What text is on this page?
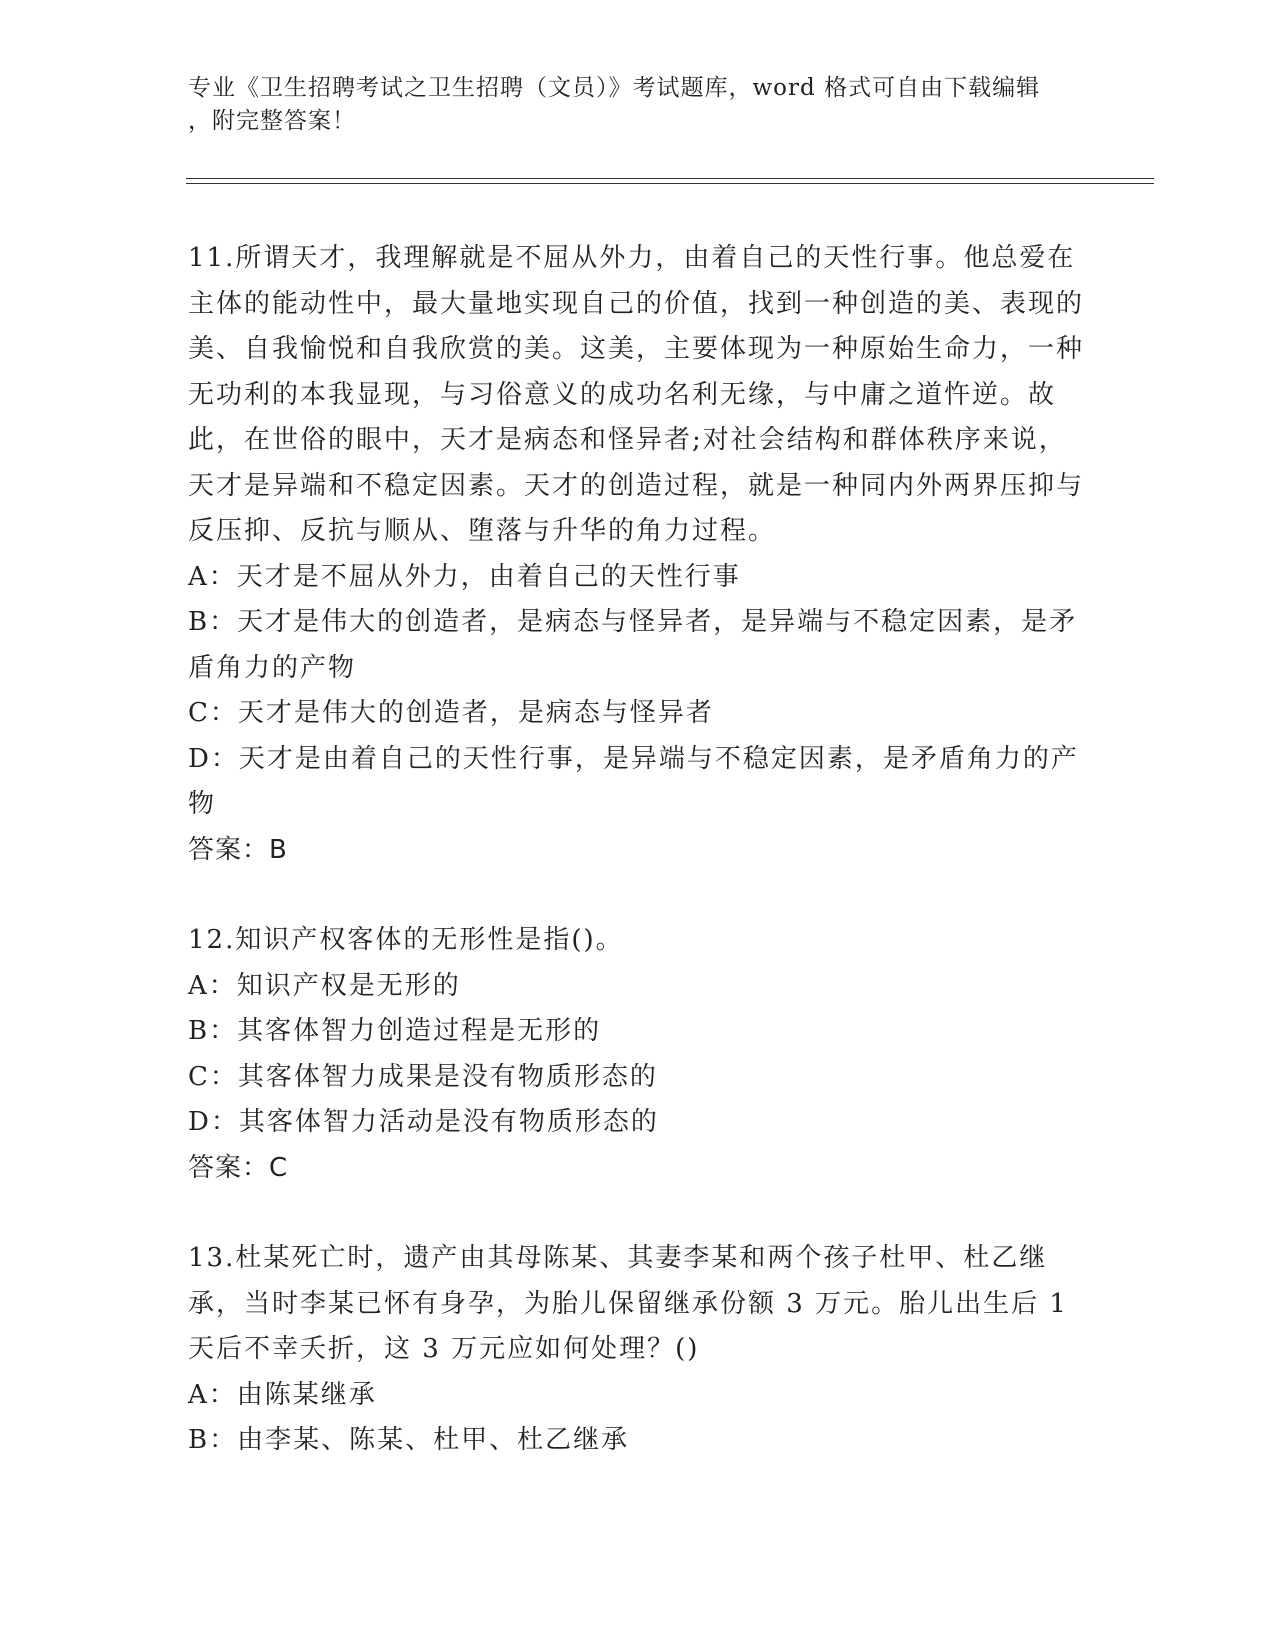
专业《卫生招聘考试之卫生招聘（文员）》考试题库，word 格式可自由下载编辑

，附完整答案！

11.所谓天才，我理解就是不屈从外力，由着自己的天性行事。他总爱在主体的能动性中，最大量地实现自己的价值，找到一种创造的美、表现的美、自我愉悦和自我欣赏的美。这美，主要体现为一种原始生命力，一种无功利的本我显现，与习俗意义的成功名利无缘，与中庸之道忤逆。故此，在世俗的眼中，天才是病态和怪异者;对社会结构和群体秩序来说，天才是异端和不稳定因素。天才的创造过程，就是一种同内外两界压抑与反压抑、反抗与顺从、堕落与升华的角力过程。

A：天才是不屈从外力，由着自己的天性行事

B：天才是伟大的创造者，是病态与怪异者，是异端与不稳定因素，是矛盾角力的产物

C：天才是伟大的创造者，是病态与怪异者

D：天才是由着自己的天性行事，是异端与不稳定因素，是矛盾角力的产物

答案：B

12.知识产权客体的无形性是指()。

A：知识产权是无形的

B：其客体智力创造过程是无形的

C：其客体智力成果是没有物质形态的

D：其客体智力活动是没有物质形态的

答案：C

13.杜某死亡时，遗产由其母陈某、其妻李某和两个孩子杜甲、杜乙继承，当时李某已怀有身孕，为胎儿保留继承份额 3 万元。胎儿出生后 1 天后不幸夭折，这 3 万元应如何处理？()

A：由陈某继承

B：由李某、陈某、杜甲、杜乙继承
